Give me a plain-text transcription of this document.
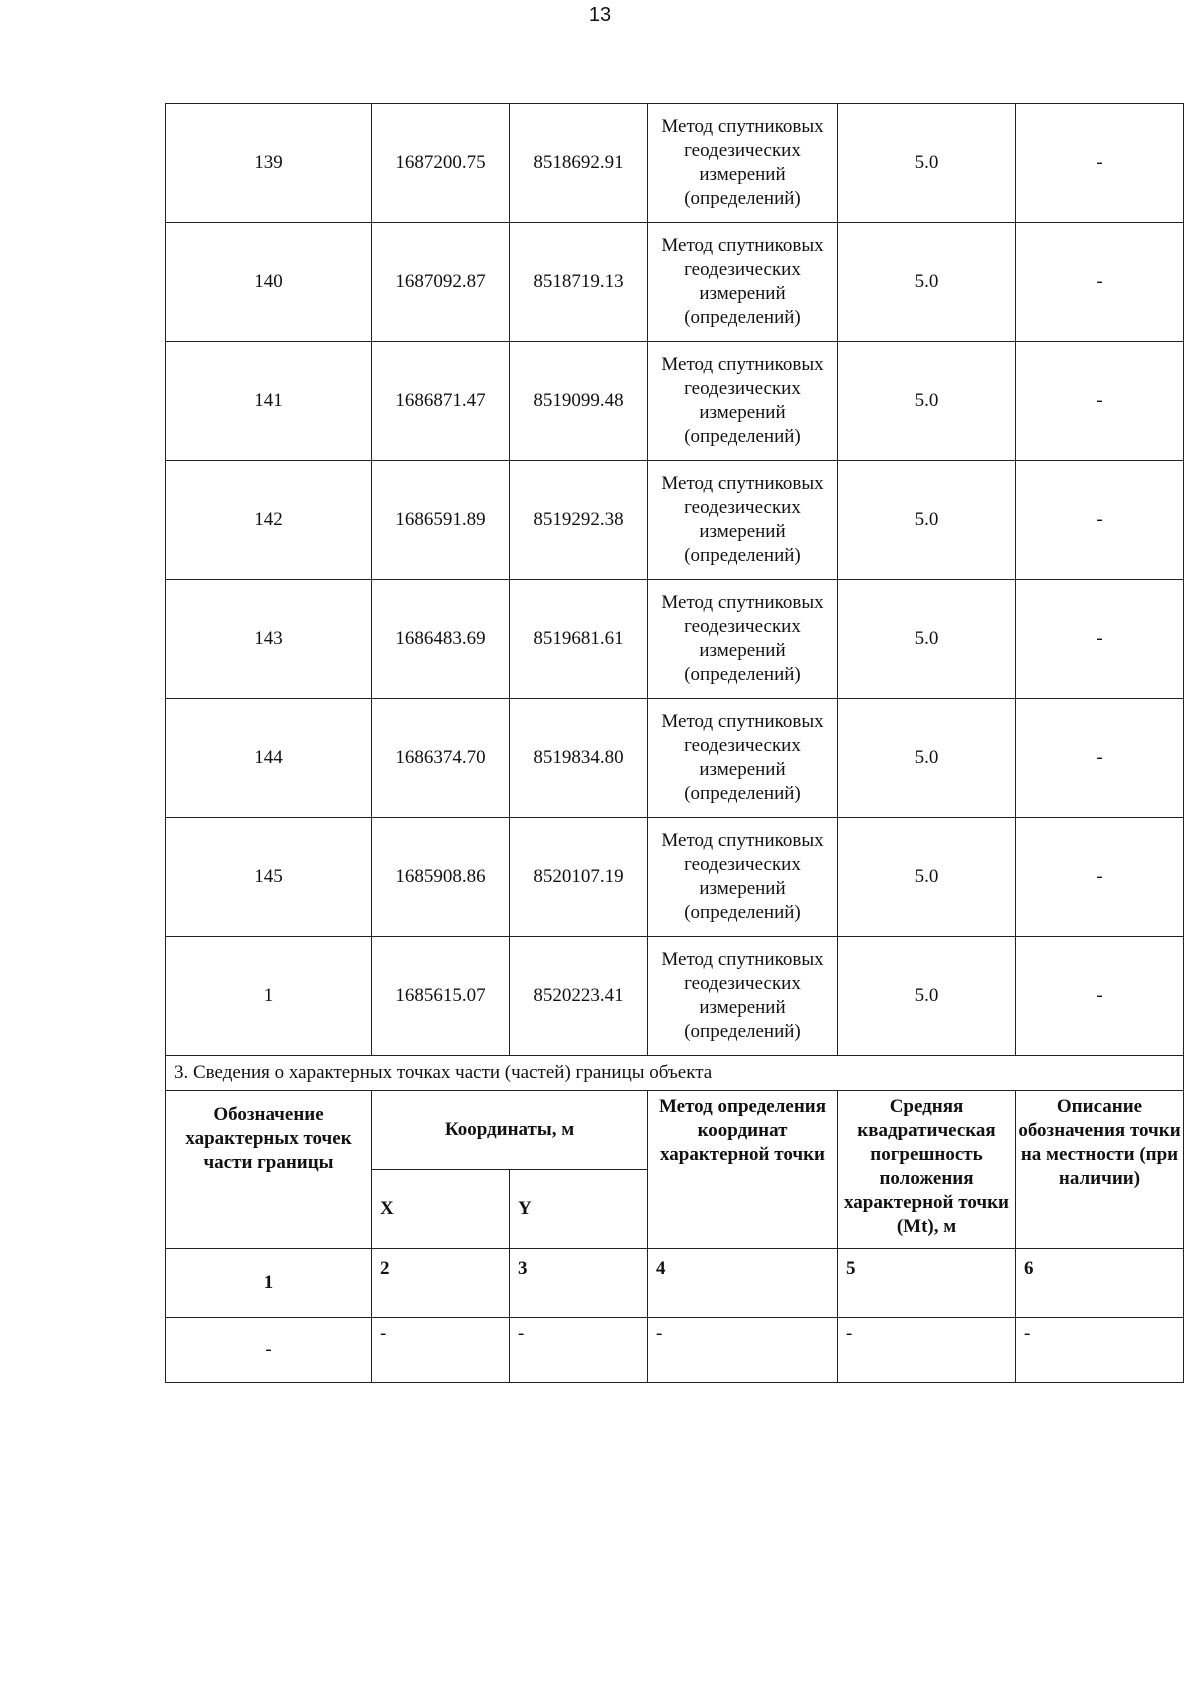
13
139	1687200.75	8518692.91	Метод спутниковых геодезических измерений (определений)	5.0	-
140	1687092.87	8518719.13	Метод спутниковых геодезических измерений (определений)	5.0	-
141	1686871.47	8519099.48	Метод спутниковых геодезических измерений (определений)	5.0	-
142	1686591.89	8519292.38	Метод спутниковых геодезических измерений (определений)	5.0	-
143	1686483.69	8519681.61	Метод спутниковых геодезических измерений (определений)	5.0	-
144	1686374.70	8519834.80	Метод спутниковых геодезических измерений (определений)	5.0	-
145	1685908.86	8520107.19	Метод спутниковых геодезических измерений (определений)	5.0	-
1	1685615.07	8520223.41	Метод спутниковых геодезических измерений (определений)	5.0	-
3. Сведения о характерных точках части (частей) границы объекта					
Обозначение характерных точек части границы	Координаты, м		Метод определения координат характерной точки	Средняя квадратическая погрешность положения характерной точки (Mt), м	Описание обозначения точки на местности (при наличии)
	X	Y			
1	2	3	4	5	6
-	-	-	-	-	-
